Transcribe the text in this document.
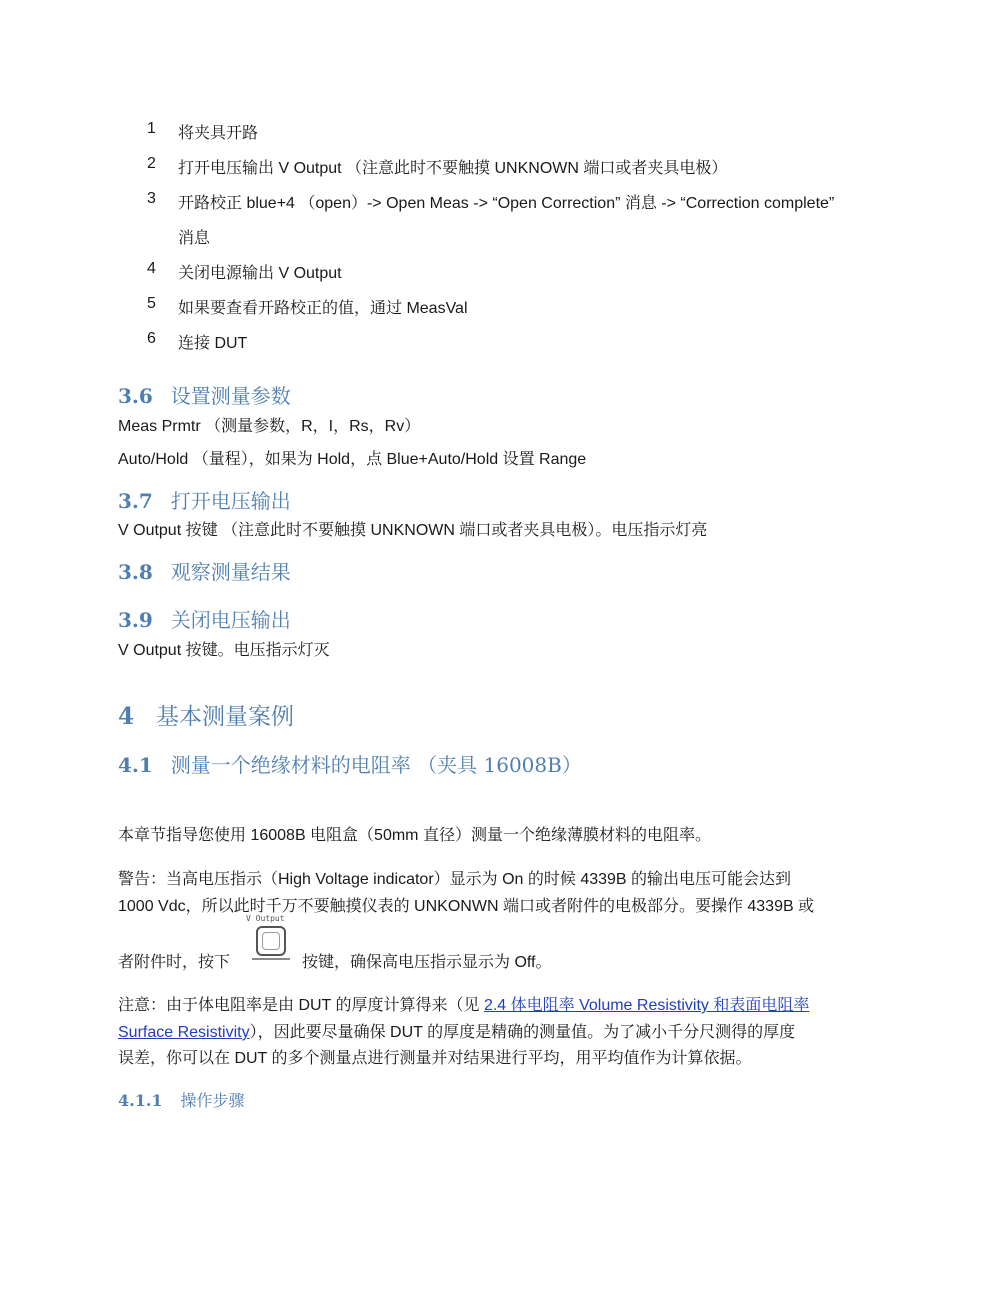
1 将夹具开路
2 打开电压输出 V Output （注意此时不要触摸 UNKNOWN 端口或者夹具电极）
3 开路校正 blue+4 （open）-> Open Meas -> “Open Correction” 消息 -> “Correction complete”
消息
4 关闭电源输出 V Output
5 如果要查看开路校正的值，通过 MeasVal
6 连接 DUT
3.6 设置测量参数
Meas Prmtr （测量参数，R，I，Rs，Rv）
Auto/Hold （量程），如果为 Hold，点 Blue+Auto/Hold 设置 Range
3.7 打开电压输出
V Output 按键 （注意此时不要触摸 UNKNOWN 端口或者夹具电极）。电压指示灯亮
3.8 观察测量结果
3.9 关闭电压输出
V Output 按键。电压指示灯灭
4 基本测量案例
4.1 测量一个绝缘材料的电阻率 （夹具 16008B）
本章节指导您使用 16008B 电阻盒（50mm 直径）测量一个绝缘薄膜材料的电阻率。
警告：当高电压指示（High Voltage indicator）显示为 On 的时候 4339B 的输出电压可能会达到
1000 Vdc，所以此时千万不要触摸仪表的 UNKONWN 端口或者附件的电极部分。要操作 4339B 或
者附件时，按下
V Output
按键，确保高电压指示显示为 Off。
注意：由于体电阻率是由 DUT 的厚度计算得来（见 2.4 体电阻率 Volume Resistivity 和表面电阻率
Surface Resistivity），因此要尽量确保 DUT 的厚度是精确的测量值。为了减小千分尺测得的厚度
误差，你可以在 DUT 的多个测量点进行测量并对结果进行平均，用平均值作为计算依据。
4.1.1 操作步骤
